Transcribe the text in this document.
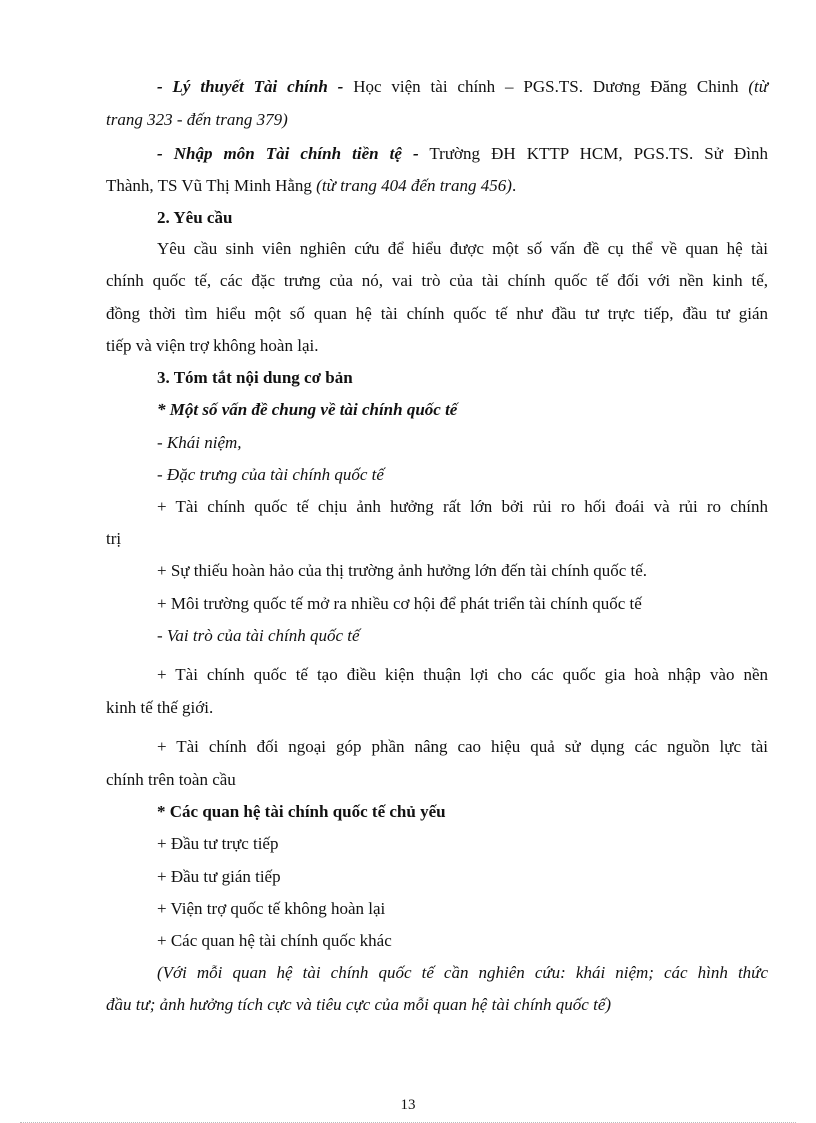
- Lý thuyết Tài chính - Học viện tài chính – PGS.TS. Dương Đăng Chinh (từ
trang 323 - đến trang 379)
- Nhập môn Tài chính tiền tệ - Trường ĐH KTTP HCM, PGS.TS. Sử Đình
Thành, TS Vũ Thị Minh Hằng (từ trang 404 đến trang 456).
2. Yêu cầu
Yêu cầu sinh viên nghiên cứu để hiểu được một số vấn đề cụ thể về quan hệ tài
chính quốc tế, các đặc trưng của nó, vai trò của tài chính quốc tế đối với nền kinh tế,
đồng thời tìm hiểu một số quan hệ tài chính quốc tế như đầu tư trực tiếp, đầu tư gián
tiếp và viện trợ không hoàn lại.
3. Tóm tắt nội dung cơ bản
* Một số vấn đề chung về tài chính quốc tế
- Khái niệm,
- Đặc trưng của tài chính quốc tế
+ Tài chính quốc tế chịu ảnh hưởng rất lớn bởi rủi ro hối đoái và rủi ro chính
trị
+ Sự thiếu hoàn hảo của thị trường ảnh hưởng lớn đến tài chính quốc tế.
+ Môi trường quốc tế mở ra nhiều cơ hội để phát triển tài chính quốc tế
- Vai trò của tài chính quốc tế
+ Tài chính quốc tế tạo điều kiện thuận lợi cho các quốc gia hoà nhập vào nền
kinh tế thế giới.
+ Tài chính đối ngoại góp phần nâng cao hiệu quả sử dụng các nguồn lực tài
chính trên toàn cầu
* Các quan hệ tài chính quốc tế chủ yếu
+ Đầu tư trực tiếp
+ Đầu tư gián tiếp
+ Viện trợ quốc tế không hoàn lại
+ Các quan hệ tài chính quốc khác
(Với mỗi quan hệ tài chính quốc tế cần nghiên cứu: khái niệm; các hình thức
đầu tư; ảnh hưởng tích cực và tiêu cực của mỗi quan hệ tài chính quốc tế)
13
